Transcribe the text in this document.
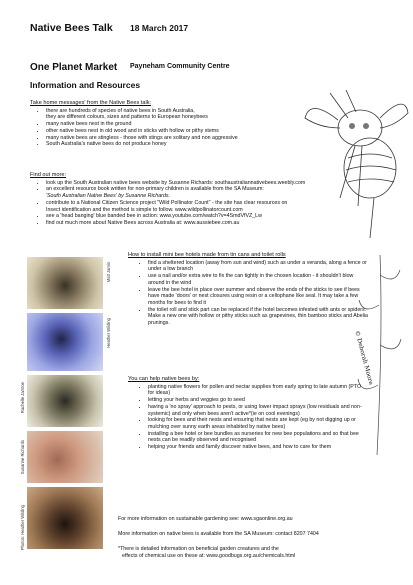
Native Bees Talk 18 March 2017
One Planet Market Payneham Community Centre
Information and Resources
© Deborah Moore
Take home messages' from the Native Bees talk:
• there are hundreds of species of native bees in South Australia,
they are different colours, sizes and patterns to European honeybees
• many native bees nest in the ground
• other native bees nest in old wood and in sticks with hollow or pithy stems
• many native bees are stingless - those with stings are solitary and non aggressive
• South Australia's native bees do not produce honey
Find out more:
• look up the South Australian native bees website by Susanne Richards: southaustraliannativebees.weebly.com
• an excellent resource book written for non-primary children is available from the SA Museum:
'South Australian Native Bees' by Susanne Richards.
• contribute to a National Citizen Science project "Wild Pollinator Count" - the site has clear resources on
Insect identification and the method is simple to follow. www.wildpollinatorcount.com
• see a 'head banging' blue banded bee in action: www.youtube.com/watch?v=4SmdVfVZ_Lw
• find out much more about Native Bees across Australia at: www.aussiebee.com.au
Matt Jarvis
Heather Wilding
Rachelle Jamtoe
Susanne Richards
Photos: Heather Wilding
How to install mini bee hotels made from tin cans and toilet rolls
• find a sheltered location (away from sun and wind) such as under a veranda, along a fence or under a low branch
• use a nail and/or extra wire to fix the can tightly in the chosen location - it shouldn't blow around in the wind
• leave the bee hotel in place over summer and observe the ends of the sticks to see if bees have made 'doors' or nest closures using resin or a cellophane like seal. It may take a few months for bees to find it
• the toilet roll and stick part can be replaced if the hotel becomes infested with ants or spiders. Make a new one with hollow or pithy sticks such as grapevines, thin bamboo sticks and Abelia prunings.
You can help native bees by:
• planting native flowers for pollen and nectar supplies from early spring to late autumn (PTO for ideas)
• letting your herbs and veggies go to seed
• having a 'no spray' approach to pests, or using lower impact sprays (low residuals and non-systemic) and only when bees aren't active*(ie on cool evenings)
• looking for bees and their nests and ensuring that nests are kept (eg by not digging up or mulching over sunny earth areas inhabited by native bees)
• installing a bee hotel or bee bundles as nurseries for new bee populations and so that bee nests can be readily observed and recognised
• helping your friends and family discover native bees, and how to care for them
For more information on sustainable gardening see: www.sgaonline.org.au
More information on native bees is available from the SA Museum: contact 8207 7404
*There is detailed information on beneficial garden creatures and the
effects of chemical use on these at: www.goodbugs.org.au/chemicals.html
